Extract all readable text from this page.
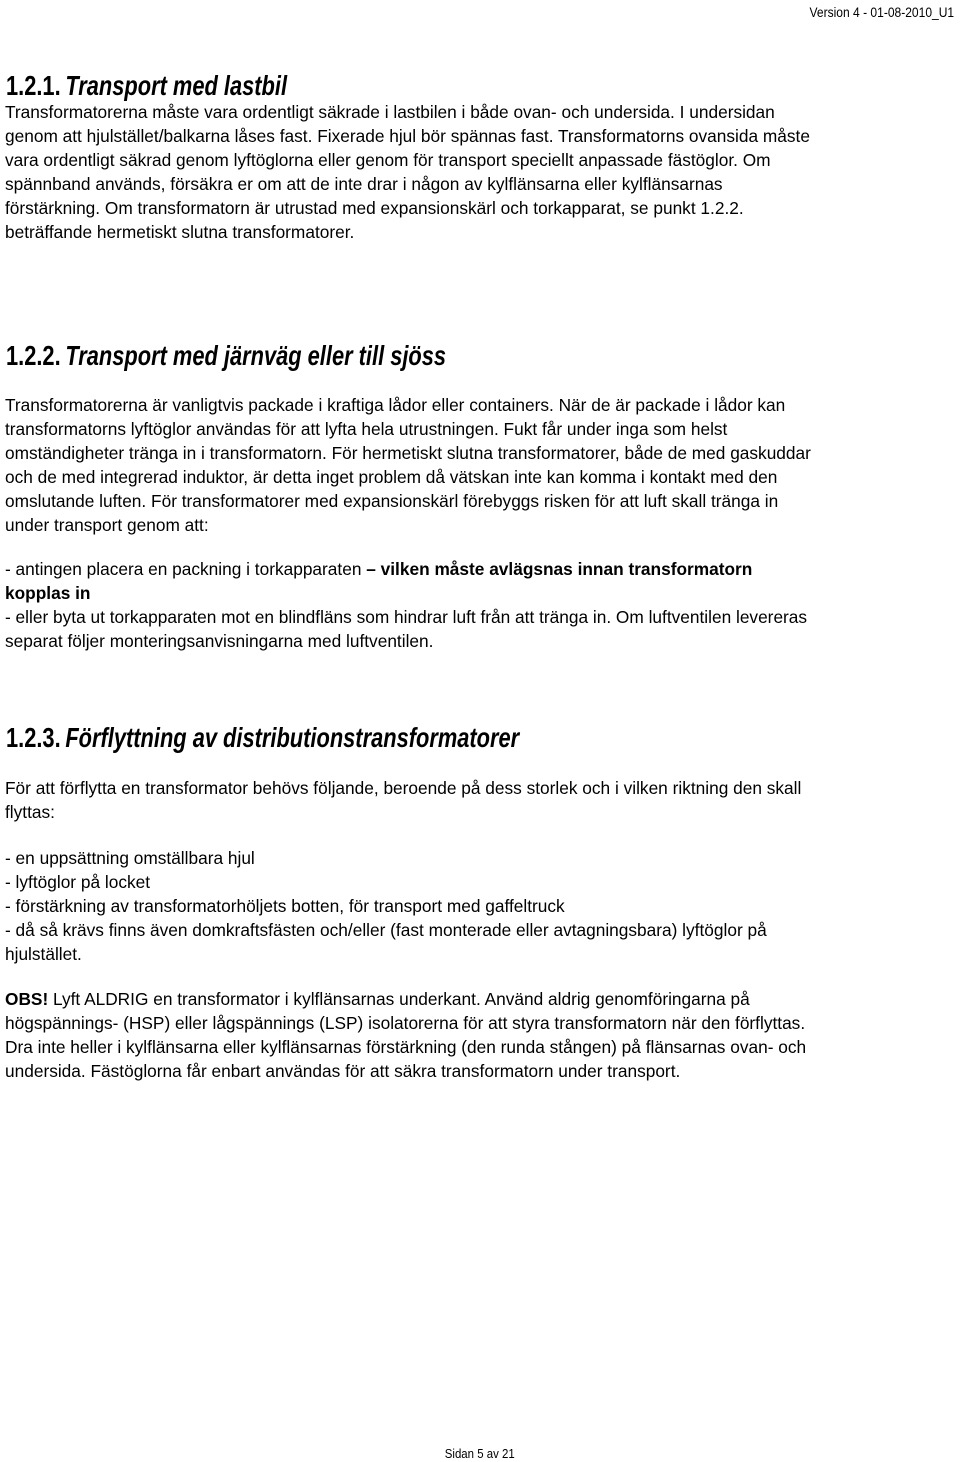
Version 4 - 01-08-2010_U1
1.2.1. Transport med lastbil

Transformatorerna måste vara ordentligt säkrade i lastbilen i både ovan- och undersida. I undersidan

genom att hjulstället/balkarna låses fast. Fixerade hjul bör spännas fast. Transformatorns ovansida måste

vara ordentligt säkrad genom lyftöglorna eller genom för transport speciellt anpassade fästöglor. Om

spännband används, försäkra er om att de inte drar i någon av kylflänsarna eller kylflänsarnas

förstärkning. Om transformatorn är utrustad med expansionskärl och torkapparat, se punkt 1.2.2.

beträffande hermetiskt slutna transformatorer.

1.2.2. Transport med järnväg eller till sjöss

Transformatorerna är vanligtvis packade i kraftiga lådor eller containers. När de är packade i lådor kan

transformatorns lyftöglor användas för att lyfta hela utrustningen. Fukt får under inga som helst

omständigheter tränga in i transformatorn. För hermetiskt slutna transformatorer, både de med gaskuddar

och de med integrerad induktor, är detta inget problem då vätskan inte kan komma i kontakt med den

omslutande luften. För transformatorer med expansionskärl förebyggs risken för att luft skall tränga in

under transport genom att:

- antingen placera en packning i torkapparaten – vilken måste avlägsnas innan transformatorn

kopplas in

- eller byta ut torkapparaten mot en blindfläns som hindrar luft från att tränga in. Om luftventilen levereras

separat följer monteringsanvisningarna med luftventilen.

1.2.3. Förflyttning av distributionstransformatorer

För att förflytta en transformator behövs följande, beroende på dess storlek och i vilken riktning den skall

flyttas:

- en uppsättning omställbara hjul

- lyftöglor på locket

- förstärkning av transformatorhöljets botten, för transport med gaffeltruck

- då så krävs finns även domkraftsfästen och/eller (fast monterade eller avtagningsbara) lyftöglor på

hjulstället.

OBS! Lyft ALDRIG en transformator i kylflänsarnas underkant. Använd aldrig genomföringarna på

högspännings- (HSP) eller lågspännings (LSP) isolatorerna för att styra transformatorn när den förflyttas.

Dra inte heller i kylflänsarna eller kylflänsarnas förstärkning (den runda stången) på flänsarnas ovan- och

undersida. Fästöglorna får enbart användas för att säkra transformatorn under transport.

Sidan 5 av 21
